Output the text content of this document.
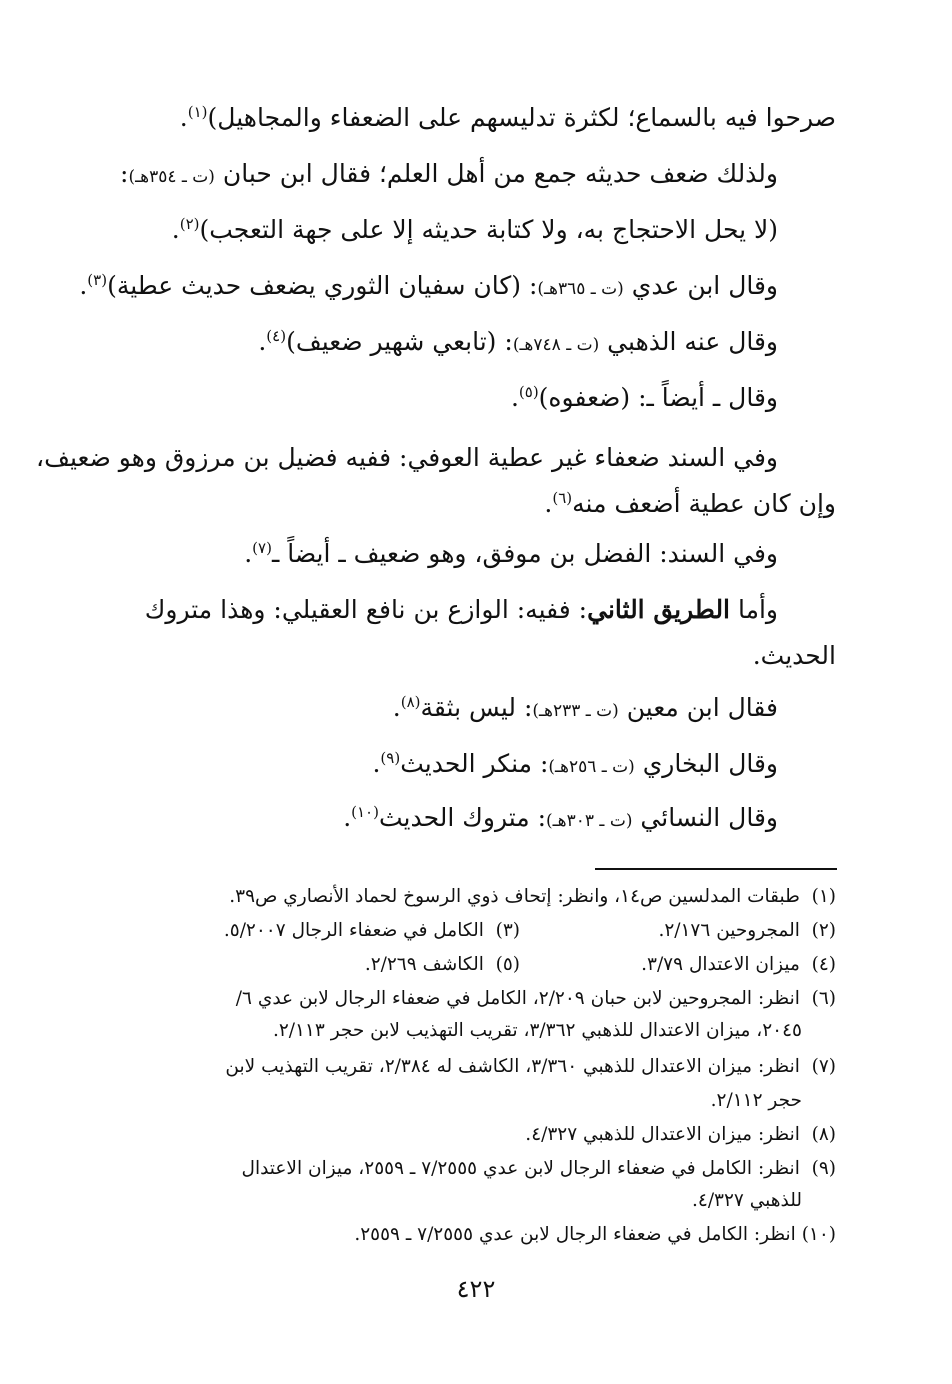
صرحوا فيه بالسماع؛ لكثرة تدليسهم على الضعفاء والمجاهيل)$^{(١)}$.
ولذلك ضعف حديثه جمع من أهل العلم؛ فقال ابن حبان (ت ـ ٣٥٤هـ):
(لا يحل الاحتجاج به، ولا كتابة حديثه إلا على جهة التعجب)$^{(٢)}$.
وقال ابن عدي (ت ـ ٣٦٥هـ): (كان سفيان الثوري يضعف حديث عطية)$^{(٣)}$.
وقال عنه الذهبي (ت ـ ٧٤٨هـ): (تابعي شهير ضعيف)$^{(٤)}$.
وقال ـ أيضاً ـ: (ضعفوه)$^{(٥)}$.
وفي السند ضعفاء غير عطية العوفي: ففيه فضيل بن مرزوق وهو ضعيف،
وإن كان عطية أضعف منه$^{(٦)}$.
وفي السند: الفضل بن موفق، وهو ضعيف ـ أيضاً ـ$^{(٧)}$.
وأما الطريق الثاني: ففيه: الوازع بن نافع العقيلي: وهذا متروك
الحديث.
فقال ابن معين (ت ـ ٢٣٣هـ): ليس بثقة$^{(٨)}$.
وقال البخاري (ت ـ ٢٥٦هـ): منكر الحديث$^{(٩)}$.
وقال النسائي (ت ـ ٣٠٣هـ): متروك الحديث$^{(١٠)}$.
(١)  طبقات المدلسين ص١٤، وانظر: إتحاف ذوي الرسوخ لحماد الأنصاري ص٣٩.
(٢)  المجروحين ٢/١٧٦.
(٣)  الكامل في ضعفاء الرجال ٥/٢٠٠٧.
(٤)  ميزان الاعتدال ٣/٧٩.
(٥)  الكاشف ٢/٢٦٩.
(٦)  انظر: المجروحين لابن حبان ٢/٢٠٩، الكامل في ضعفاء الرجال لابن عدي ٦/
٢٠٤٥، ميزان الاعتدال للذهبي ٣/٣٦٢، تقريب التهذيب لابن حجر ٢/١١٣.
(٧)  انظر: ميزان الاعتدال للذهبي ٣/٣٦٠، الكاشف له ٢/٣٨٤، تقريب التهذيب لابن
حجر ٢/١١٢.
(٨)  انظر: ميزان الاعتدال للذهبي ٤/٣٢٧.
(٩)  انظر: الكامل في ضعفاء الرجال لابن عدي ٧/٢٥٥٥ ـ ٢٥٥٩، ميزان الاعتدال
للذهبي ٤/٣٢٧.
(١٠) انظر: الكامل في ضعفاء الرجال لابن عدي ٧/٢٥٥٥ ـ ٢٥٥٩.
٤٢٢
